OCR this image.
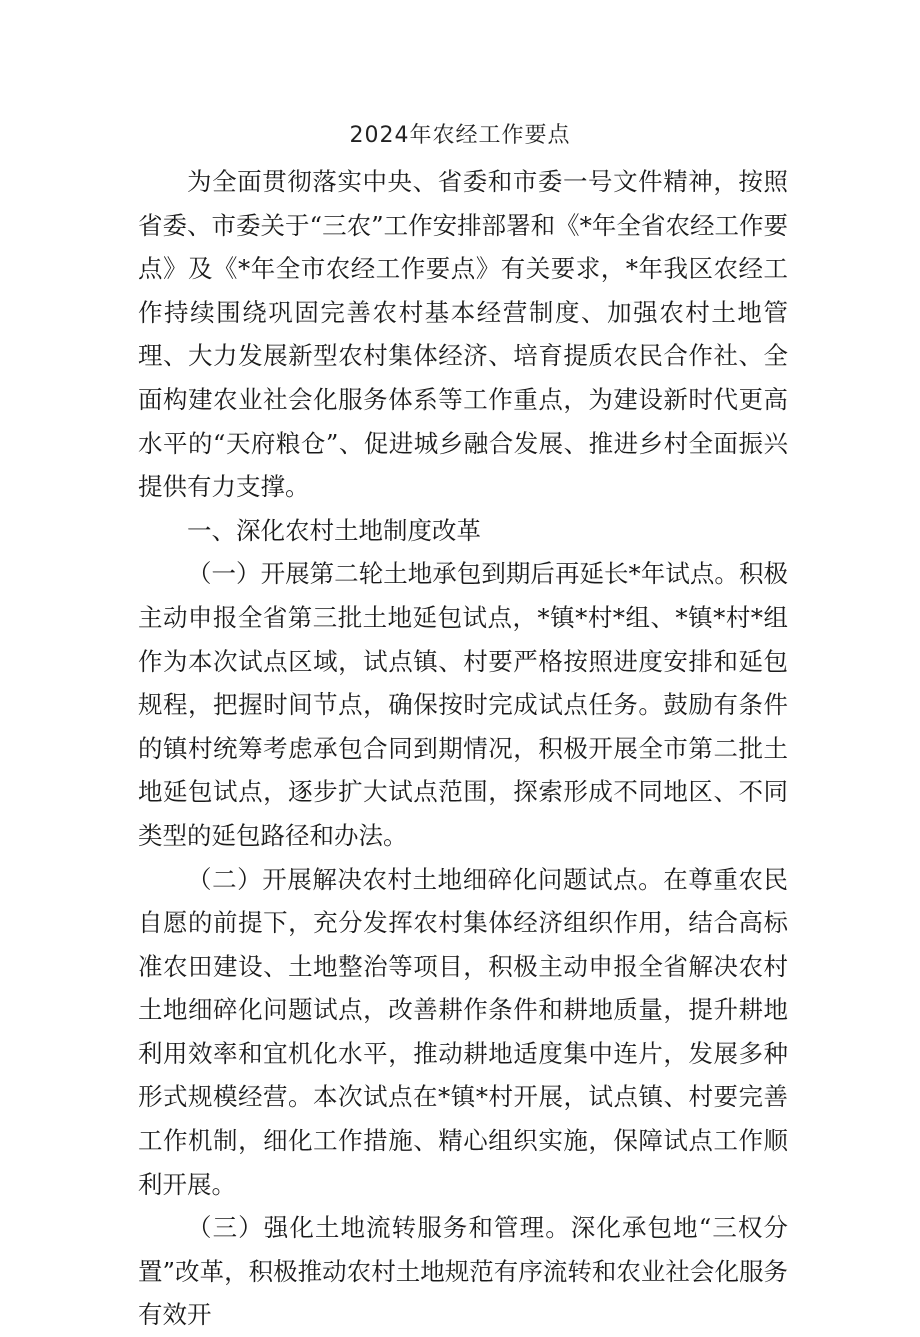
2024年农经工作要点

为全面贯彻落实中央、省委和市委一号文件精神，按照省委、市委关于“三农”工作安排部署和《*年全省农经工作要点》及《*年全市农经工作要点》有关要求，*年我区农经工作持续围绕巩固完善农村基本经营制度、加强农村土地管理、大力发展新型农村集体经济、培育提质农民合作社、全面构建农业社会化服务体系等工作重点，为建设新时代更高水平的“天府粮仓”、促进城乡融合发展、推进乡村全面振兴提供有力支撑。

一、深化农村土地制度改革

（一）开展第二轮土地承包到期后再延长*年试点。积极主动申报全省第三批土地延包试点，*镇*村*组、*镇*村*组作为本次试点区域，试点镇、村要严格按照进度安排和延包规程，把握时间节点，确保按时完成试点任务。鼓励有条件的镇村统筹考虑承包合同到期情况，积极开展全市第二批土地延包试点，逐步扩大试点范围，探索形成不同地区、不同类型的延包路径和办法。

（二）开展解决农村土地细碎化问题试点。在尊重农民自愿的前提下，充分发挥农村集体经济组织作用，结合高标准农田建设、土地整治等项目，积极主动申报全省解决农村土地细碎化问题试点，改善耕作条件和耕地质量，提升耕地利用效率和宜机化水平，推动耕地适度集中连片，发展多种形式规模经营。本次试点在*镇*村开展，试点镇、村要完善工作机制，细化工作措施、精心组织实施，保障试点工作顺利开展。

（三）强化土地流转服务和管理。深化承包地“三权分置”改革，积极推动农村土地规范有序流转和农业社会化服务有效开
